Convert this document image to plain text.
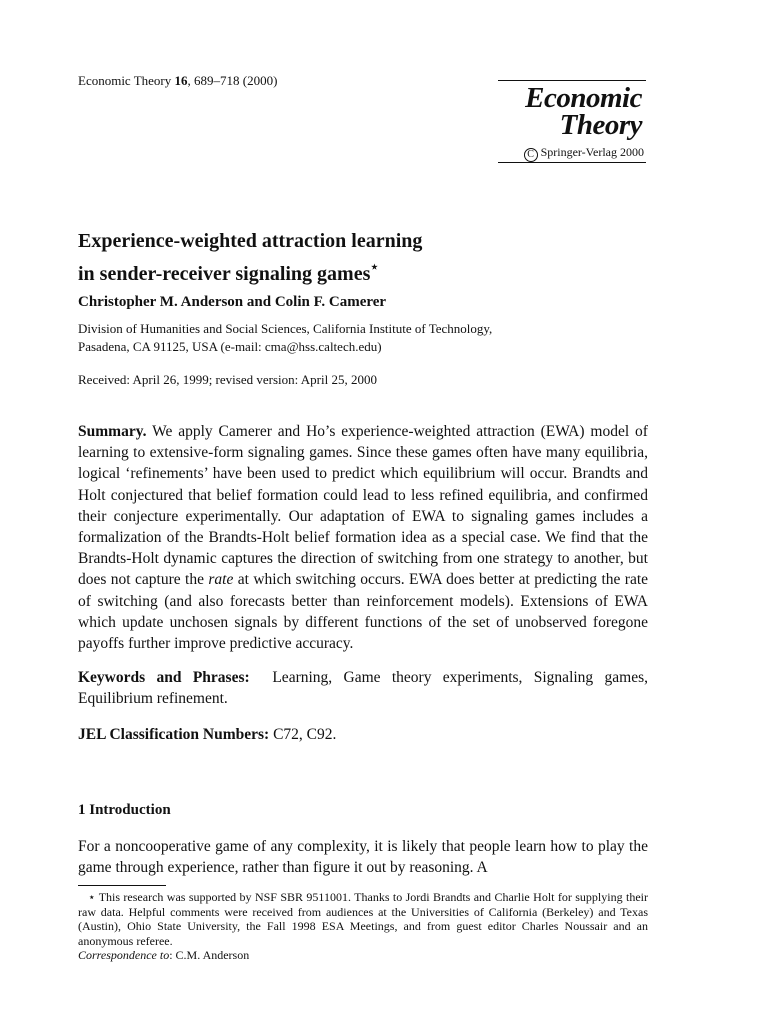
Economic Theory 16, 689–718 (2000)
Economic
Theory
C Springer-Verlag 2000
Experience-weighted attraction learning
in sender-receiver signaling games⋆
Christopher M. Anderson and Colin F. Camerer
Division of Humanities and Social Sciences, California Institute of Technology,
Pasadena, CA 91125, USA (e-mail: cma@hss.caltech.edu)
Received: April 26, 1999; revised version: April 25, 2000
Summary. We apply Camerer and Ho’s experience-weighted attraction (EWA) model of learning to extensive-form signaling games. Since these games often have many equilibria, logical ‘refinements’ have been used to predict which equilibrium will occur. Brandts and Holt conjectured that belief formation could lead to less refined equilibria, and confirmed their conjecture experimentally. Our adaptation of EWA to signaling games includes a formalization of the Brandts-Holt belief formation idea as a special case. We find that the Brandts-Holt dynamic captures the direction of switching from one strategy to another, but does not capture the rate at which switching occurs. EWA does better at predicting the rate of switching (and also forecasts better than reinforcement models). Extensions of EWA which update unchosen signals by different functions of the set of unobserved foregone payoffs further improve predictive accuracy.
Keywords and Phrases: Learning, Game theory experiments, Signaling games, Equilibrium refinement.
JEL Classification Numbers: C72, C92.
1 Introduction
For a noncooperative game of any complexity, it is likely that people learn how to play the game through experience, rather than figure it out by reasoning. A
⋆ This research was supported by NSF SBR 9511001. Thanks to Jordi Brandts and Charlie Holt for supplying their raw data. Helpful comments were received from audiences at the Universities of California (Berkeley) and Texas (Austin), Ohio State University, the Fall 1998 ESA Meetings, and from guest editor Charles Noussair and an anonymous referee.
Correspondence to: C.M. Anderson
